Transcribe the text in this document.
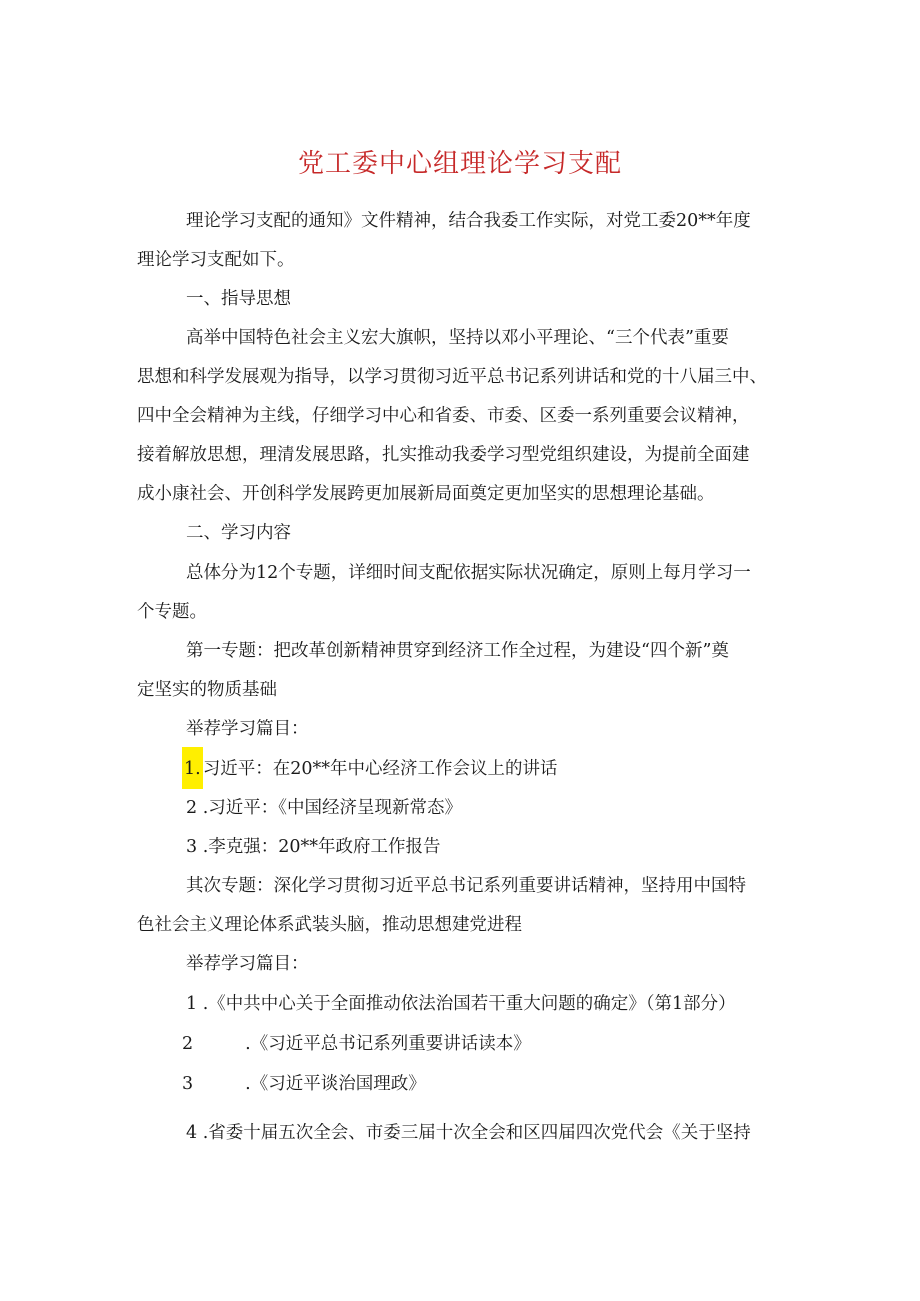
党工委中心组理论学习支配
理论学习支配的通知》文件精神，结合我委工作实际，对党工委20**年度
理论学习支配如下。
一、指导思想
高举中国特色社会主义宏大旗帜，坚持以邓小平理论、“三个代表”重要
思想和科学发展观为指导，以学习贯彻习近平总书记系列讲话和党的十八届三中、
四中全会精神为主线，仔细学习中心和省委、市委、区委一系列重要会议精神，
接着解放思想，理清发展思路，扎实推动我委学习型党组织建设，为提前全面建
成小康社会、开创科学发展跨更加展新局面奠定更加坚实的思想理论基础。
二、学习内容
总体分为12个专题，详细时间支配依据实际状况确定，原则上每月学习一
个专题。
第一专题：把改革创新精神贯穿到经济工作全过程，为建设“四个新”奠
定坚实的物质基础
举荐学习篇目：
1. 习近平：在20**年中心经济工作会议上的讲话
2 .习近平：《中国经济呈现新常态》
3 .李克强：20**年政府工作报告
其次专题：深化学习贯彻习近平总书记系列重要讲话精神，坚持用中国特
色社会主义理论体系武装头脑，推动思想建党进程
举荐学习篇目：
1 .《中共中心关于全面推动依法治国若干重大问题的确定》（第1部分）
2	.《习近平总书记系列重要讲话读本》
3	.《习近平谈治国理政》
4 .省委十届五次全会、市委三届十次全会和区四届四次党代会《关于坚持
